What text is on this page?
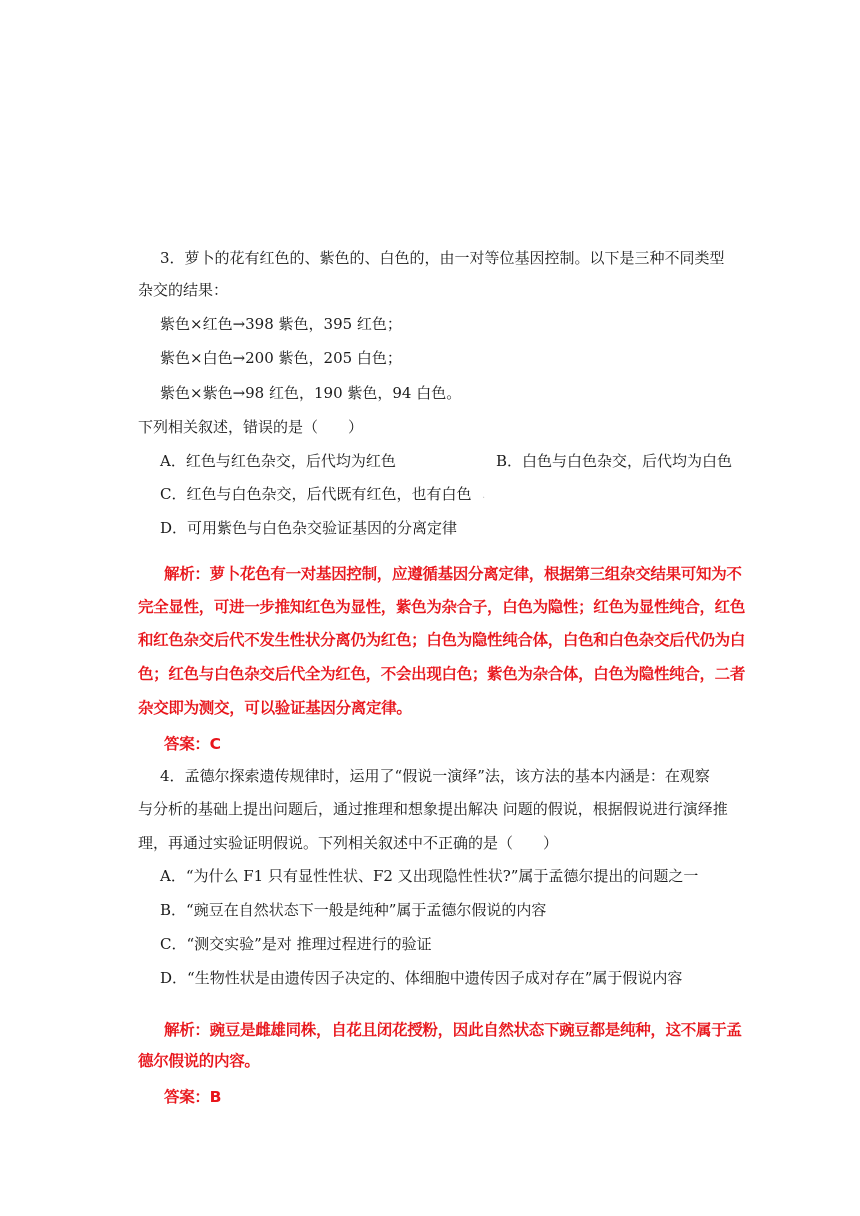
3．萝卜的花有红色的、紫色的、白色的，由一对等位基因控制。以下是三种不同类型
杂交的结果：
紫色×红色→398 紫色，395 红色；
紫色×白色→200 紫色，205 白色；
紫色×紫色→98 红色，190 紫色，94 白色。
下列相关叙述，错误的是（　　）
A．红色与红色杂交，后代均为红色	B．白色与白色杂交，后代均为白色
C．红色与白色杂交，后代既有红色，也有白色 .
D．可用紫色与白色杂交验证基因的分离定律
解析：萝卜花色有一对基因控制，应遵循基因分离定律，根据第三组杂交结果可知为不
完全显性，可进一步推知红色为显性，紫色为杂合子，白色为隐性；红色为显性纯合，红色
和红色杂交后代不发生性状分离仍为红色；白色为隐性纯合体，白色和白色杂交后代仍为白
色；红色与白色杂交后代全为红色，不会出现白色；紫色为杂合体，白色为隐性纯合，二者
杂交即为测交，可以验证基因分离定律。
答案：C
4．孟德尔探索遗传规律时，运用了“假说一演绎”法，该方法的基本内涵是：在观察
与分析的基础上提出问题后，通过推理和想象提出解决 问题的假说，根据假说进行演绎推
理，再通过实验证明假说。下列相关叙述中不正确的是（　　）
A．“为什么 F1 只有显性性状、F2 又出现隐性性状?”属于孟德尔提出的问题之一
B．“豌豆在自然状态下一般是纯种”属于孟德尔假说的内容
C．“测交实验”是对 推理过程进行的验证
D．“生物性状是由遗传因子决定的、体细胞中遗传因子成对存在”属于假说内容
解析：豌豆是雌雄同株，自花且闭花授粉，因此自然状态下豌豆都是纯种，这不属于孟
德尔假说的内容。
答案：B
